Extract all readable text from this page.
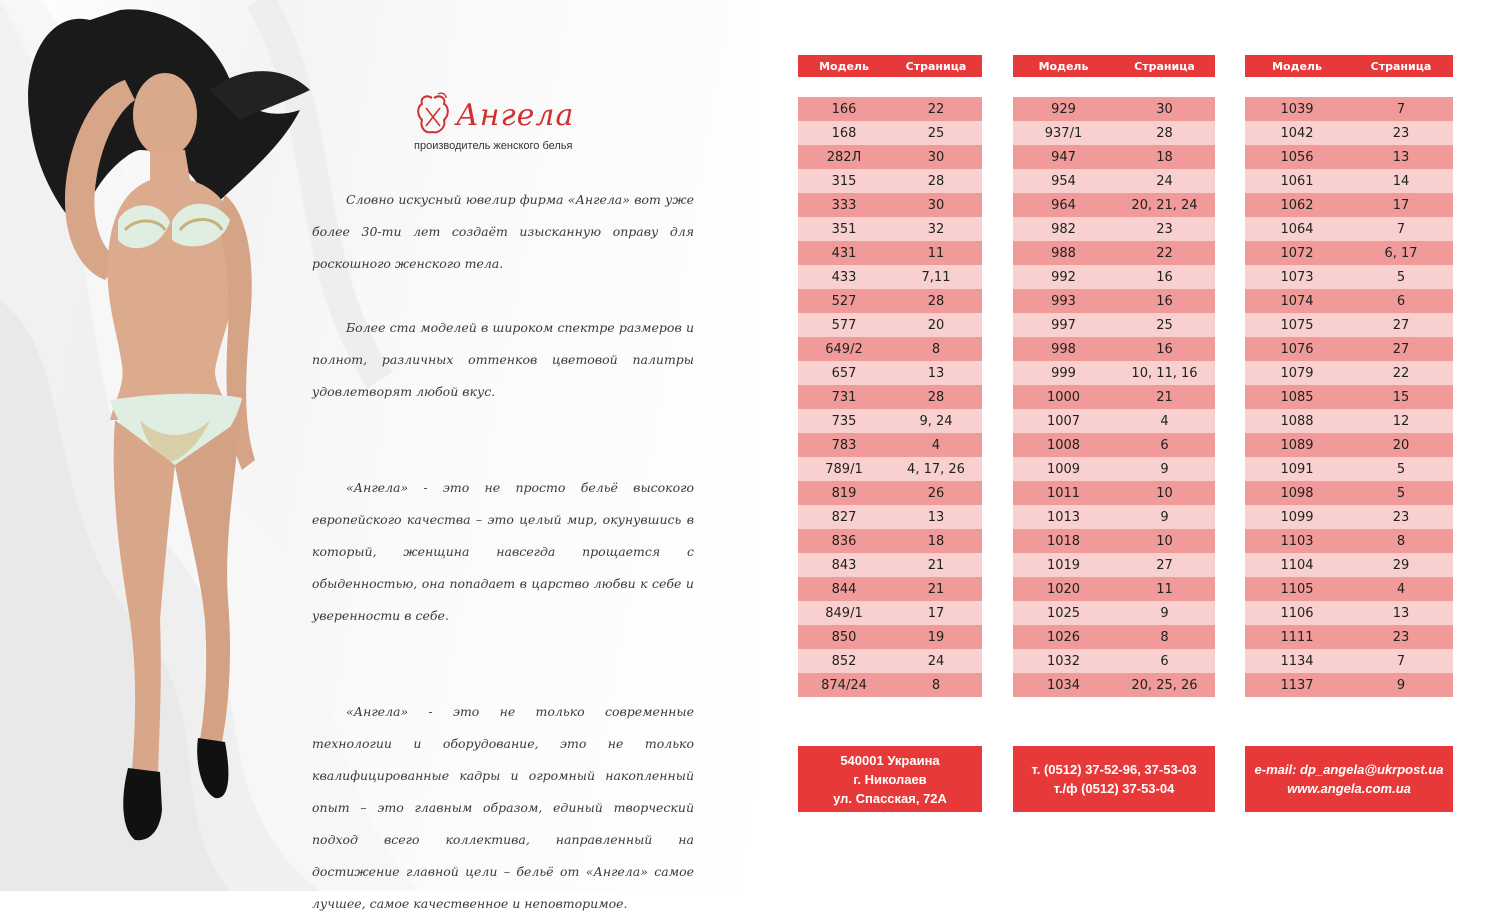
Ангела
производитель женского белья

Словно искусный ювелир фирма «Ангела» вот уже более 30-ти лет создаёт изысканную оправу для роскошного женского тела.

Более ста моделей в широком спектре размеров и полнот, различных оттенков цветовой палитры удовлетворят любой вкус.

«Ангела» - это не просто бельё высокого европейского качества – это целый мир, окунувшись в который, женщина навсегда прощается с обыденностью, она попадает в царство любви к себе и уверенности в себе.

«Ангела» - это не только современные технологии и оборудование, это не только квалифицированные кадры и огромный накопленный опыт – это главным образом, единый творческий подход всего коллектива, направленный на достижение главной цели – бельё от «Ангела» самое лучшее, самое качественное и неповторимое.

Модель	Страница
166	22
168	25
282Л	30
315	28
333	30
351	32
431	11
433	7,11
527	28
577	20
649/2	8
657	13
731	28
735	9, 24
783	4
789/1	4, 17, 26
819	26
827	13
836	18
843	21
844	21
849/1	17
850	19
852	24
874/24	8
Модель	Страница
929	30
937/1	28
947	18
954	24
964	20, 21, 24
982	23
988	22
992	16
993	16
997	25
998	16
999	10, 11, 16
1000	21
1007	4
1008	6
1009	9
1011	10
1013	9
1018	10
1019	27
1020	11
1025	9
1026	8
1032	6
1034	20, 25, 26
Модель	Страница
1039	7
1042	23
1056	13
1061	14
1062	17
1064	7
1072	6, 17
1073	5
1074	6
1075	27
1076	27
1079	22
1085	15
1088	12
1089	20
1091	5
1098	5
1099	23
1103	8
1104	29
1105	4
1106	13
1111	23
1134	7
1137	9
540001 Украина
г. Николаев
ул. Спасская, 72А
т. (0512) 37-52-96, 37-53-03
т./ф (0512) 37-53-04
e-mail: dp_angela@ukrpost.ua
www.angela.com.ua
